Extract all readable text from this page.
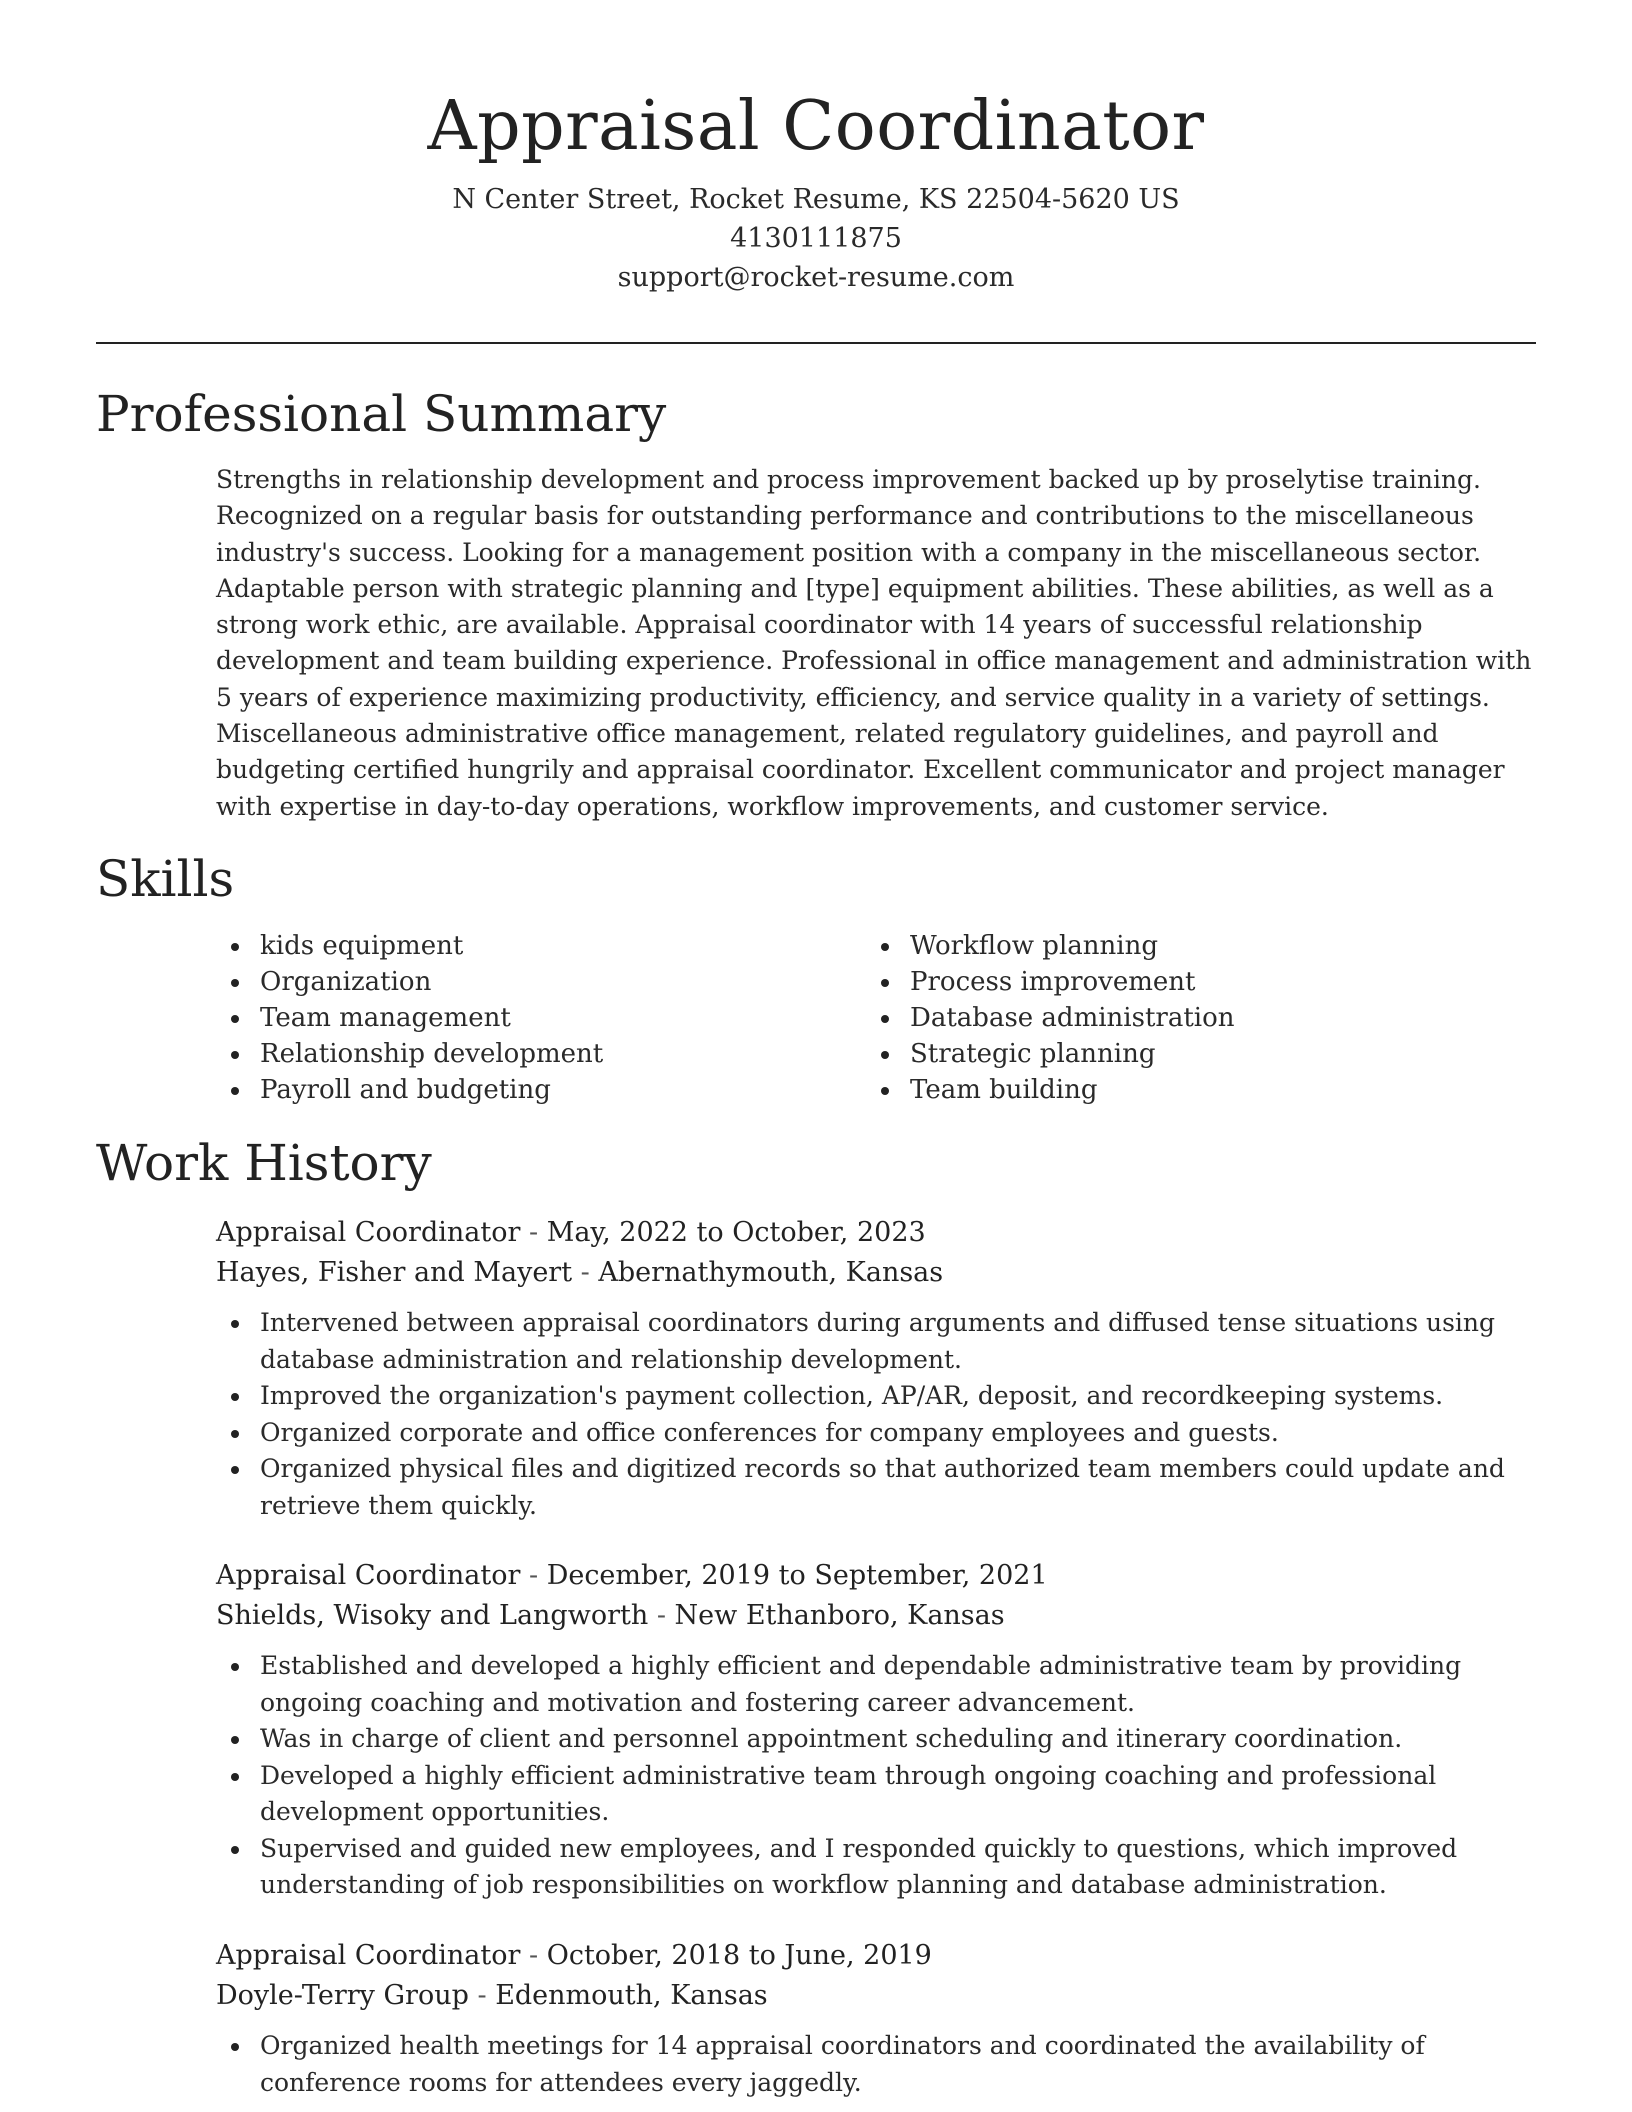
Appraisal Coordinator
N Center Street, Rocket Resume, KS 22504-5620 US
4130111875
support@rocket-resume.com
Professional Summary
Strengths in relationship development and process improvement backed up by proselytise training. Recognized on a regular basis for outstanding performance and contributions to the miscellaneous industry's success. Looking for a management position with a company in the miscellaneous sector. Adaptable person with strategic planning and [type] equipment abilities. These abilities, as well as a strong work ethic, are available. Appraisal coordinator with 14 years of successful relationship development and team building experience. Professional in office management and administration with 5 years of experience maximizing productivity, efficiency, and service quality in a variety of settings. Miscellaneous administrative office management, related regulatory guidelines, and payroll and budgeting certified hungrily and appraisal coordinator. Excellent communicator and project manager with expertise in day-to-day operations, workflow improvements, and customer service.
Skills
kids equipment
Organization
Team management
Relationship development
Payroll and budgeting
Workflow planning
Process improvement
Database administration
Strategic planning
Team building
Work History
Appraisal Coordinator - May, 2022 to October, 2023
Hayes, Fisher and Mayert - Abernathymouth, Kansas
Intervened between appraisal coordinators during arguments and diffused tense situations using database administration and relationship development.
Improved the organization's payment collection, AP/AR, deposit, and recordkeeping systems.
Organized corporate and office conferences for company employees and guests.
Organized physical files and digitized records so that authorized team members could update and retrieve them quickly.
Appraisal Coordinator - December, 2019 to September, 2021
Shields, Wisoky and Langworth - New Ethanboro, Kansas
Established and developed a highly efficient and dependable administrative team by providing ongoing coaching and motivation and fostering career advancement.
Was in charge of client and personnel appointment scheduling and itinerary coordination.
Developed a highly efficient administrative team through ongoing coaching and professional development opportunities.
Supervised and guided new employees, and I responded quickly to questions, which improved understanding of job responsibilities on workflow planning and database administration.
Appraisal Coordinator - October, 2018 to June, 2019
Doyle-Terry Group - Edenmouth, Kansas
Organized health meetings for 14 appraisal coordinators and coordinated the availability of conference rooms for attendees every jaggedly.
